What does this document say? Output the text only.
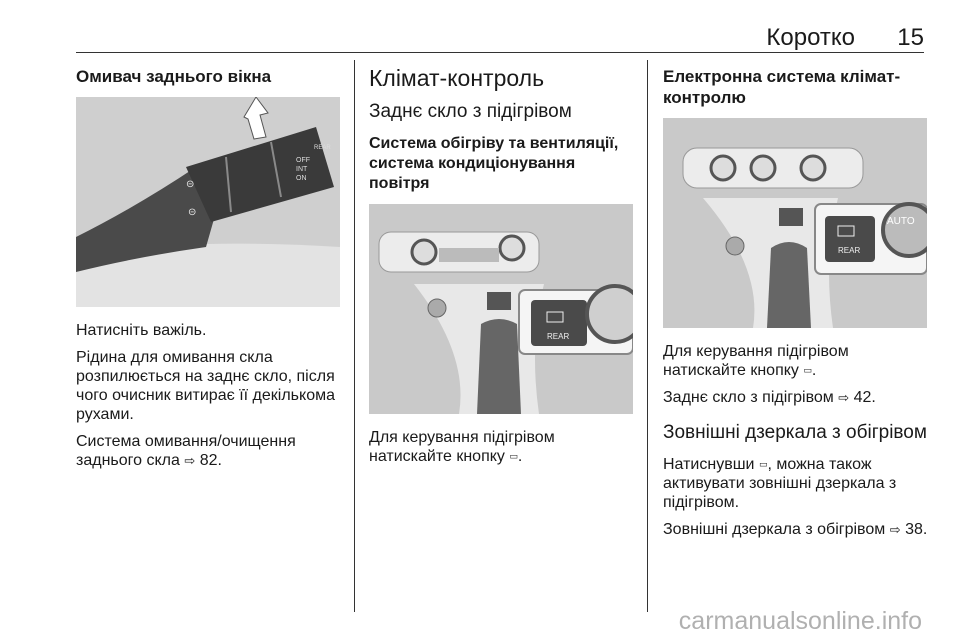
Коротко 15
Омивач заднього вікна
⊝
⊝
OFF
INT
ON
REAR

Натисніть важіль.

Рідина для омивання скла розпилюється на заднє скло, після чого очисник витирає її декількома рухами.

Система омивання/очищення заднього скла ⇨ 82.

Клімат-контроль
Заднє скло з підігрівом
Система обігріву та вентиляції, система кондиціонування повітря
REAR

Для керування підігрівом натискайте кнопку ▭.

Електронна система клімат-контролю
REAR
AUTO

Для керування підігрівом натискайте кнопку ▭.

Заднє скло з підігрівом ⇨ 42.

Зовнішні дзеркала з обігрівом

Натиснувши ▭, можна також активувати зовнішні дзеркала з підігрівом.

Зовнішні дзеркала з обігрівом ⇨ 38.

carmanualsonline.info
